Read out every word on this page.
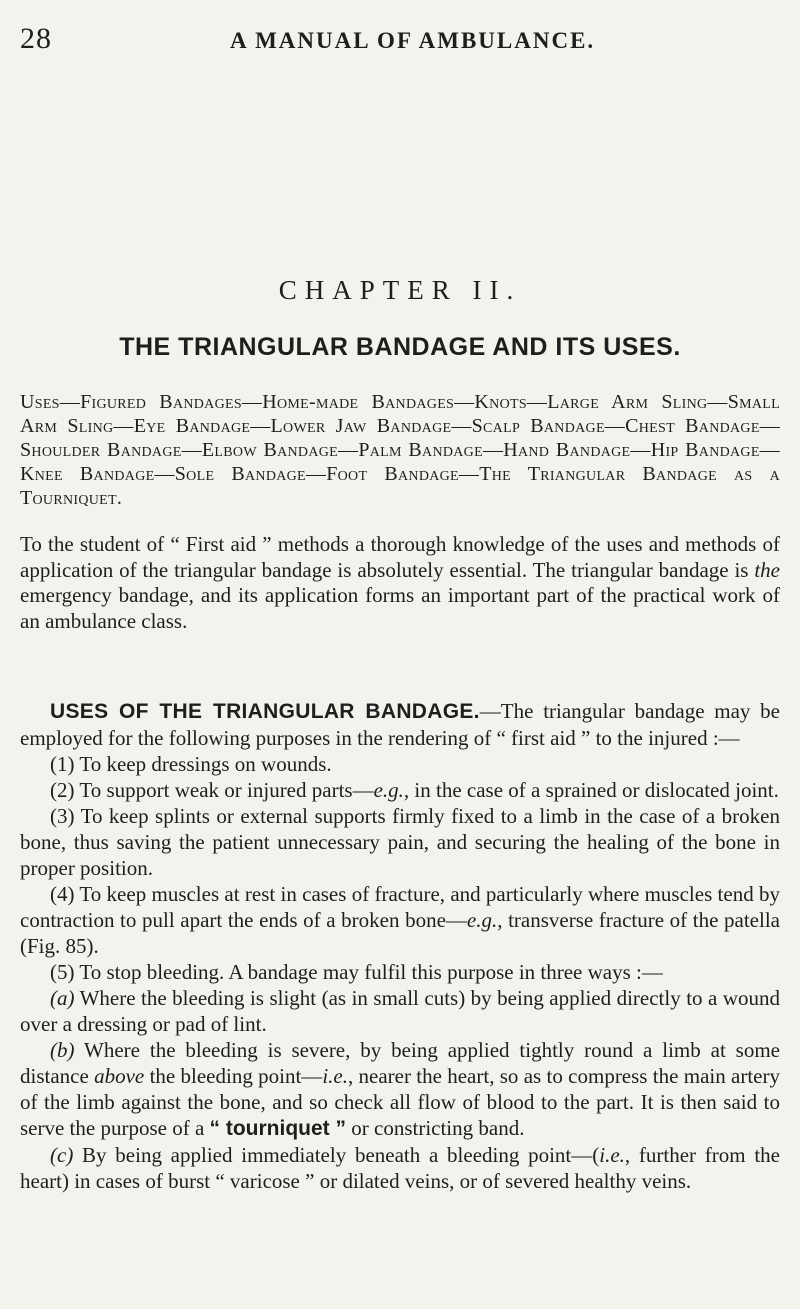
28	A MANUAL OF AMBULANCE.
CHAPTER II.
THE TRIANGULAR BANDAGE AND ITS USES.

Uses—Figured Bandages—Home-made Bandages—Knots—Large Arm Sling—Small Arm Sling—Eye Bandage—Lower Jaw Bandage—Scalp Bandage—Chest Bandage—Shoulder Bandage—Elbow Bandage—Palm Bandage—Hand Bandage—Hip Bandage—Knee Bandage—Sole Bandage—Foot Bandage—The Triangular Bandage as a Tourniquet.

To the student of “ First aid ” methods a thorough knowledge of the uses and methods of application of the triangular bandage is absolutely essential. The triangular bandage is the emergency bandage, and its application forms an important part of the practical work of an ambulance class.

USES OF THE TRIANGULAR BANDAGE.—The triangular bandage may be employed for the following purposes in the rendering of “ first aid ” to the injured :—

(1) To keep dressings on wounds.

(2) To support weak or injured parts—e.g., in the case of a sprained or dislocated joint.

(3) To keep splints or external supports firmly fixed to a limb in the case of a broken bone, thus saving the patient unnecessary pain, and securing the healing of the bone in proper position.

(4) To keep muscles at rest in cases of fracture, and particularly where muscles tend by contraction to pull apart the ends of a broken bone—e.g., transverse fracture of the patella (Fig. 85).

(5) To stop bleeding. A bandage may fulfil this purpose in three ways :—

(a) Where the bleeding is slight (as in small cuts) by being applied directly to a wound over a dressing or pad of lint.

(b) Where the bleeding is severe, by being applied tightly round a limb at some distance above the bleeding point—i.e., nearer the heart, so as to compress the main artery of the limb against the bone, and so check all flow of blood to the part. It is then said to serve the purpose of a “ tourniquet ” or constricting band.

(c) By being applied immediately beneath a bleeding point—(i.e., further from the heart) in cases of burst “ varicose ” or dilated veins, or of severed healthy veins.
